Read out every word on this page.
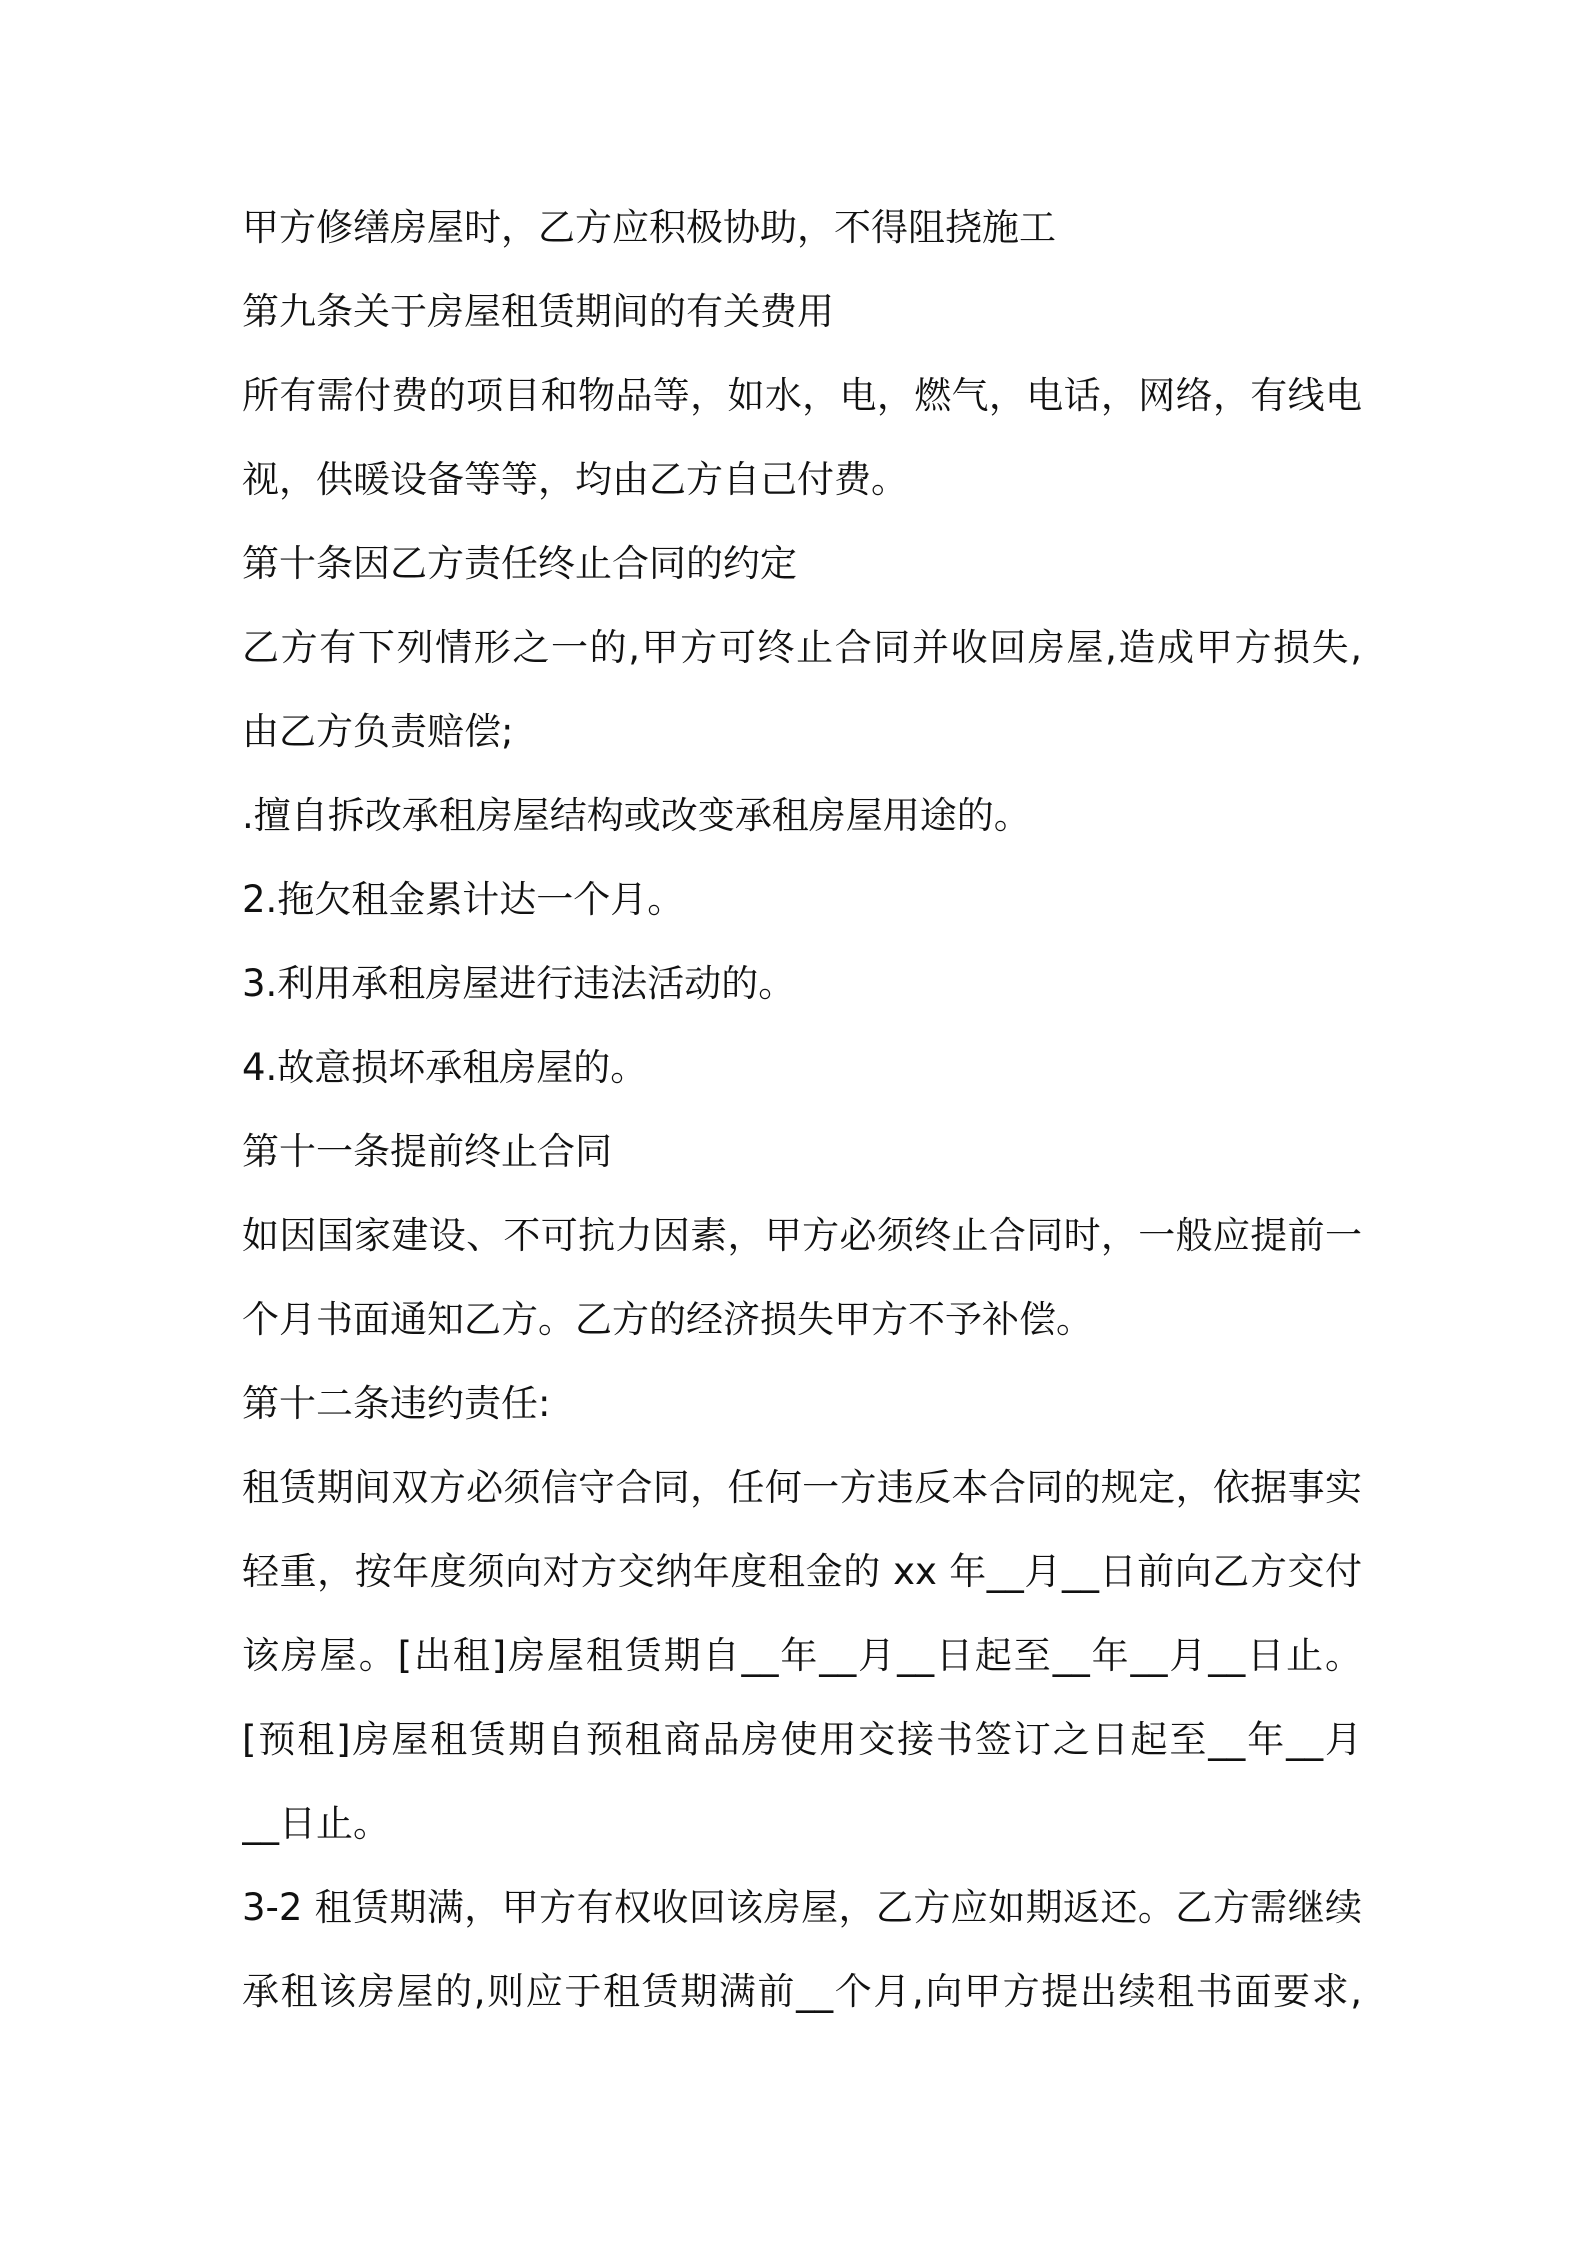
甲方修缮房屋时，乙方应积极协助，不得阻挠施工

第九条关于房屋租赁期间的有关费用

所有需付费的项目和物品等，如水，电，燃气，电话，网络，有线电

视，供暖设备等等，均由乙方自己付费。

第十条因乙方责任终止合同的约定

乙方有下列情形之一的,甲方可终止合同并收回房屋,造成甲方损失,

由乙方负责赔偿;

.擅自拆改承租房屋结构或改变承租房屋用途的。

2.拖欠租金累计达一个月。

3.利用承租房屋进行违法活动的。

4.故意损坏承租房屋的。

第十一条提前终止合同

如因国家建设、不可抗力因素，甲方必须终止合同时，一般应提前一

个月书面通知乙方。乙方的经济损失甲方不予补偿。

第十二条违约责任:

租赁期间双方必须信守合同，任何一方违反本合同的规定，依据事实

轻重，按年度须向对方交纳年度租金的 xx 年__月__日前向乙方交付

该房屋。[出租]房屋租赁期自__年__月__日起至__年__月__日止。

[预租]房屋租赁期自预租商品房使用交接书签订之日起至__年__月

__日止。

3-2 租赁期满，甲方有权收回该房屋，乙方应如期返还。乙方需继续

承租该房屋的,则应于租赁期满前__个月,向甲方提出续租书面要求,
